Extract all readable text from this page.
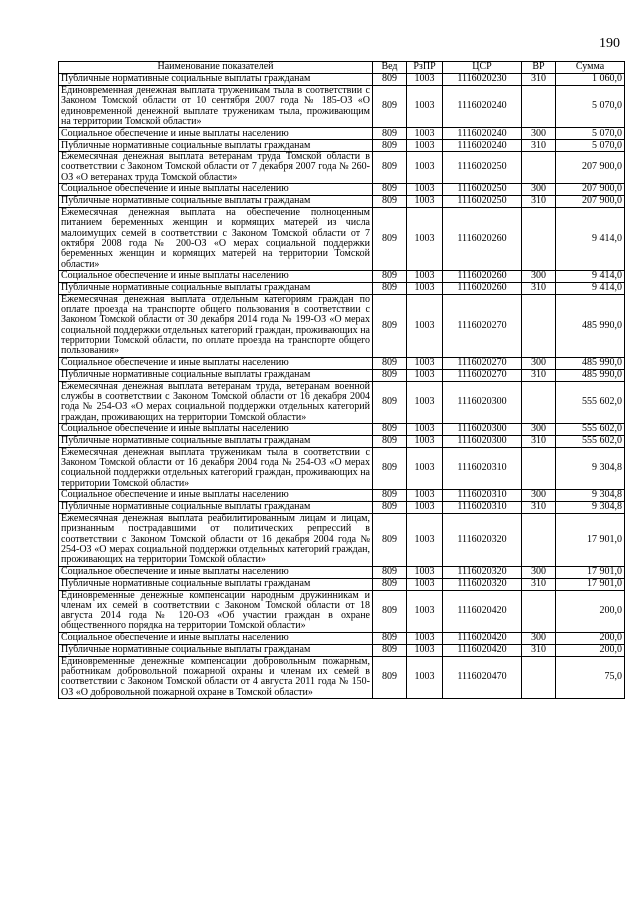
190
Наименование показателей	Вед	РзПР	ЦСР	ВР	Сумма
Публичные нормативные социальные выплаты гражданам	809	1003	1116020230	310	1 060,0
Единовременная денежная выплата труженикам тыла в соответствии с Законом Томской области от 10 сентября 2007 года № 185-ОЗ «О единовременной денежной выплате труженикам тыла, проживающим на территории Томской области»	809	1003	1116020240		5 070,0
Социальное обеспечение и иные выплаты населению	809	1003	1116020240	300	5 070,0
Публичные нормативные социальные выплаты гражданам	809	1003	1116020240	310	5 070,0
Ежемесячная денежная выплата ветеранам труда Томской области в соответствии с Законом Томской области от 7 декабря 2007 года № 260-ОЗ «О ветеранах труда Томской области»	809	1003	1116020250		207 900,0
Социальное обеспечение и иные выплаты населению	809	1003	1116020250	300	207 900,0
Публичные нормативные социальные выплаты гражданам	809	1003	1116020250	310	207 900,0
Ежемесячная денежная выплата на обеспечение полноценным питанием беременных женщин и кормящих матерей из числа малоимущих семей в соответствии с Законом Томской области от 7 октября 2008 года № 200-ОЗ «О мерах социальной поддержки беременных женщин и кормящих матерей на территории Томской области»	809	1003	1116020260		9 414,0
Социальное обеспечение и иные выплаты населению	809	1003	1116020260	300	9 414,0
Публичные нормативные социальные выплаты гражданам	809	1003	1116020260	310	9 414,0
Ежемесячная денежная выплата отдельным категориям граждан по оплате проезда на транспорте общего пользования в соответствии с Законом Томской области от 30 декабря 2014 года № 199-ОЗ «О мерах социальной поддержки отдельных категорий граждан, проживающих на территории Томской области, по оплате проезда на транспорте общего пользования»	809	1003	1116020270		485 990,0
Социальное обеспечение и иные выплаты населению	809	1003	1116020270	300	485 990,0
Публичные нормативные социальные выплаты гражданам	809	1003	1116020270	310	485 990,0
Ежемесячная денежная выплата ветеранам труда, ветеранам военной службы в соответствии с Законом Томской области от 16 декабря 2004 года № 254-ОЗ «О мерах социальной поддержки отдельных категорий граждан, проживающих на территории Томской области»	809	1003	1116020300		555 602,0
Социальное обеспечение и иные выплаты населению	809	1003	1116020300	300	555 602,0
Публичные нормативные социальные выплаты гражданам	809	1003	1116020300	310	555 602,0
Ежемесячная денежная выплата труженикам тыла в соответствии с Законом Томской области от 16 декабря 2004 года № 254-ОЗ «О мерах социальной поддержки отдельных категорий граждан, проживающих на территории Томской области»	809	1003	1116020310		9 304,8
Социальное обеспечение и иные выплаты населению	809	1003	1116020310	300	9 304,8
Публичные нормативные социальные выплаты гражданам	809	1003	1116020310	310	9 304,8
Ежемесячная денежная выплата реабилитированным лицам и лицам, признанным пострадавшими от политических репрессий в соответствии с Законом Томской области от 16 декабря 2004 года № 254-ОЗ «О мерах социальной поддержки отдельных категорий граждан, проживающих на территории Томской области»	809	1003	1116020320		17 901,0
Социальное обеспечение и иные выплаты населению	809	1003	1116020320	300	17 901,0
Публичные нормативные социальные выплаты гражданам	809	1003	1116020320	310	17 901,0
Единовременные денежные компенсации народным дружинникам и членам их семей в соответствии с Законом Томской области от 18 августа 2014 года № 120-ОЗ «Об участии граждан в охране общественного порядка на территории Томской области»	809	1003	1116020420		200,0
Социальное обеспечение и иные выплаты населению	809	1003	1116020420	300	200,0
Публичные нормативные социальные выплаты гражданам	809	1003	1116020420	310	200,0
Единовременные денежные компенсации добровольным пожарным, работникам добровольной пожарной охраны и членам их семей в соответствии с Законом Томской области от 4 августа 2011 года № 150-ОЗ «О добровольной пожарной охране в Томской области»	809	1003	1116020470		75,0
